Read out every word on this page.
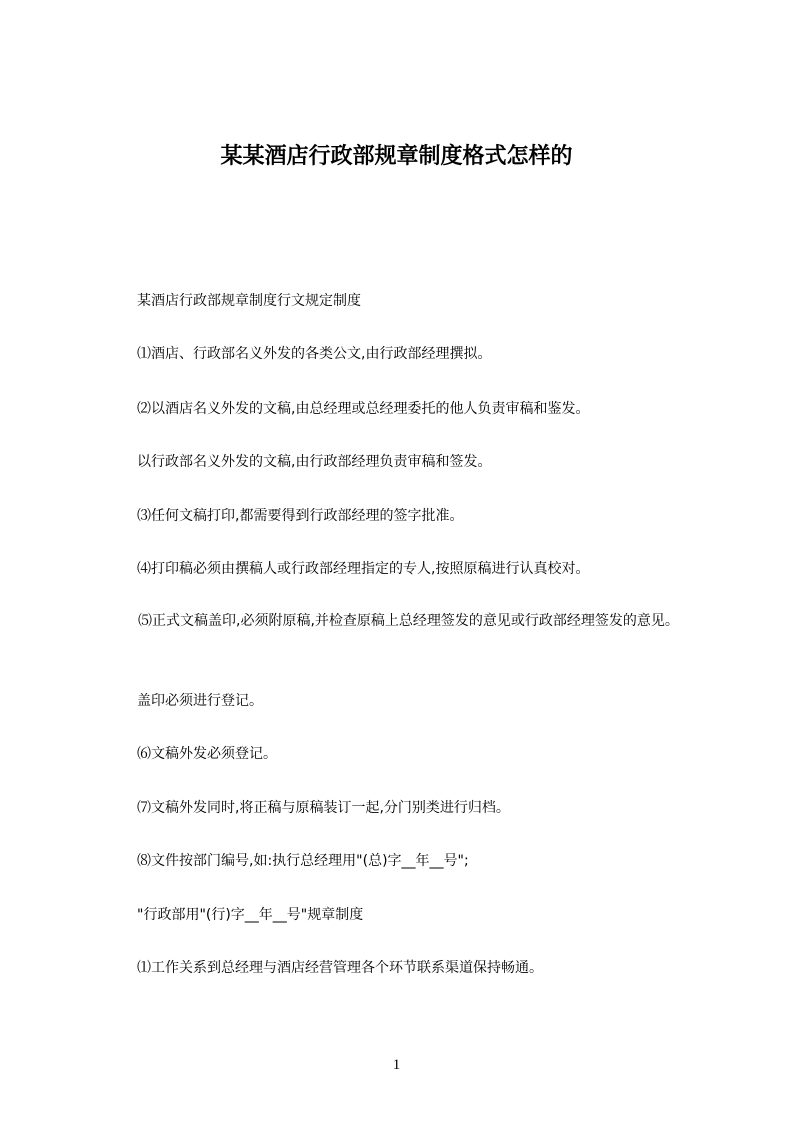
某某酒店行政部规章制度格式怎样的

某酒店行政部规章制度行文规定制度

⑴酒店、行政部名义外发的各类公文,由行政部经理撰拟。

⑵以酒店名义外发的文稿,由总经理或总经理委托的他人负责审稿和鉴发。

以行政部名义外发的文稿,由行政部经理负责审稿和签发。

⑶任何文稿打印,都需要得到行政部经理的签字批准。

⑷打印稿必须由撰稿人或行政部经理指定的专人,按照原稿进行认真校对。

⑸正式文稿盖印,必须附原稿,并检查原稿上总经理签发的意见或行政部经理签发的意见。

盖印必须进行登记。

⑹文稿外发必须登记。

⑺文稿外发同时,将正稿与原稿装订一起,分门别类进行归档。

⑻文件按部门编号,如:执行总经理用"(总)字__年__号";

"行政部用"(行)字__年__号"规章制度

⑴工作关系到总经理与酒店经营管理各个环节联系渠道保持畅通。

1
